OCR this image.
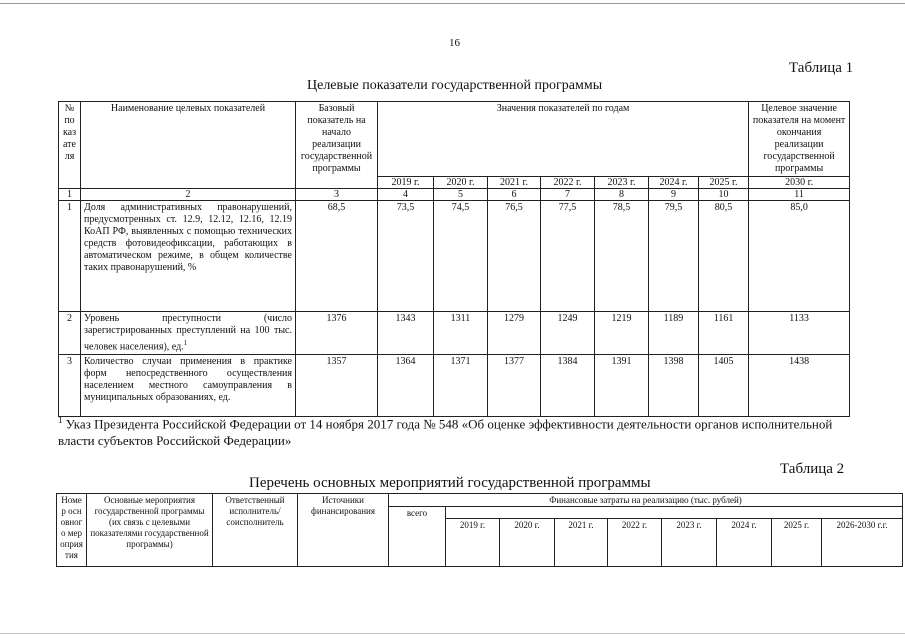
16
Таблица 1
Целевые показатели государственной программы
№ показателя	Наименование целевых показателей	Базовый показатель на начало реализации государственной программы	Значения показателей по годам							Целевое значение показателя на момент окончания реализации государственной программы
			2019 г.	2020 г.	2021 г.	2022 г.	2023 г.	2024 г.	2025 г.	2030 г.
1	2	3	4	5	6	7	8	9	10	11
1	Доля административных правонарушений, предусмотренных ст. 12.9, 12.12, 12.16, 12.19 КоАП РФ, выявленных с помощью технических средств фотовидеофиксации, работающих в автоматическом режиме, в общем количестве таких правонарушений, %	68,5	73,5	74,5	76,5	77,5	78,5	79,5	80,5	85,0
2	Уровень преступности (число зарегистрированных преступлений на 100 тыс. человек населения), ед.$^1$	1376	1343	1311	1279	1249	1219	1189	1161	1133
3	Количество случаи применения в практике форм непосредственного осуществления населением местного самоуправления в муниципальных образованиях, ед.	1357	1364	1371	1377	1384	1391	1398	1405	1438
$^1$ Указ Президента Российской Федерации от 14 ноября 2017 года № 548 «Об оценке эффективности деятельности органов исполнительной власти субъектов Российской Федерации»
Таблица 2
Перечень основных мероприятий государственной программы
Номер основного мероприятия	Основные мероприятия государственной программы (их связь с целевыми показателями государственной программы)	Ответственный исполнитель/ соисполнитель	Источники финансирования	Финансовые затраты на реализацию (тыс. рублей)								
				всего								
					2019 г.	2020 г.	2021 г.	2022 г.	2023 г.	2024 г.	2025 г.	2026-2030 г.г.
